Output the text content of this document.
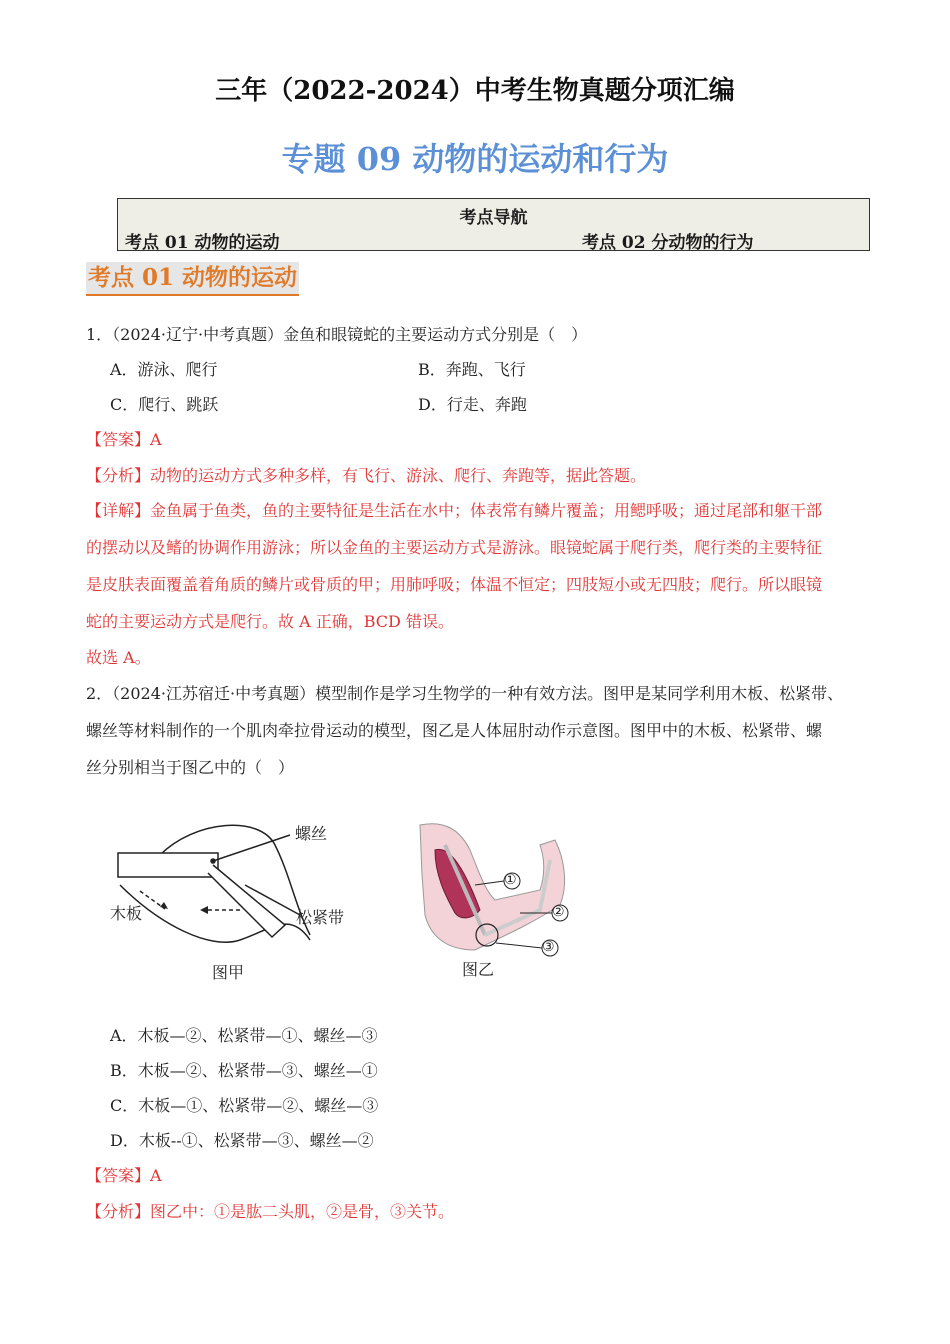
三年（2022-2024）中考生物真题分项汇编
专题 09 动物的运动和行为
考点导航
考点 01 动物的运动	考点 02 分动物的行为
考点 01 动物的运动
1．（2024·辽宁·中考真题）金鱼和眼镜蛇的主要运动方式分别是（　）
A．游泳、爬行	B．奔跑、飞行
C．爬行、跳跃	D．行走、奔跑
【答案】A
【分析】动物的运动方式多种多样，有飞行、游泳、爬行、奔跑等，据此答题。
【详解】金鱼属于鱼类，鱼的主要特征是生活在水中；体表常有鳞片覆盖；用鳃呼吸；通过尾部和躯干部
的摆动以及鳍的协调作用游泳；所以金鱼的主要运动方式是游泳。眼镜蛇属于爬行类，爬行类的主要特征
是皮肤表面覆盖着角质的鳞片或骨质的甲；用肺呼吸；体温不恒定；四肢短小或无四肢；爬行。所以眼镜
蛇的主要运动方式是爬行。故 A 正确，BCD 错误。
故选 A。
2．（2024·江苏宿迁·中考真题）模型制作是学习生物学的一种有效方法。图甲是某同学利用木板、松紧带、
螺丝等材料制作的一个肌肉牵拉骨运动的模型，图乙是人体屈肘动作示意图。图甲中的木板、松紧带、螺
丝分别相当于图乙中的（　）
螺丝
木板	松紧带
图甲	图乙
①
②
③
A．木板—②、松紧带—①、螺丝—③
B．木板—②、松紧带—③、螺丝—①
C．木板—①、松紧带—②、螺丝—③
D．木板--①、松紧带—③、螺丝—②
【答案】A
【分析】图乙中：①是肱二头肌，②是骨，③关节。
